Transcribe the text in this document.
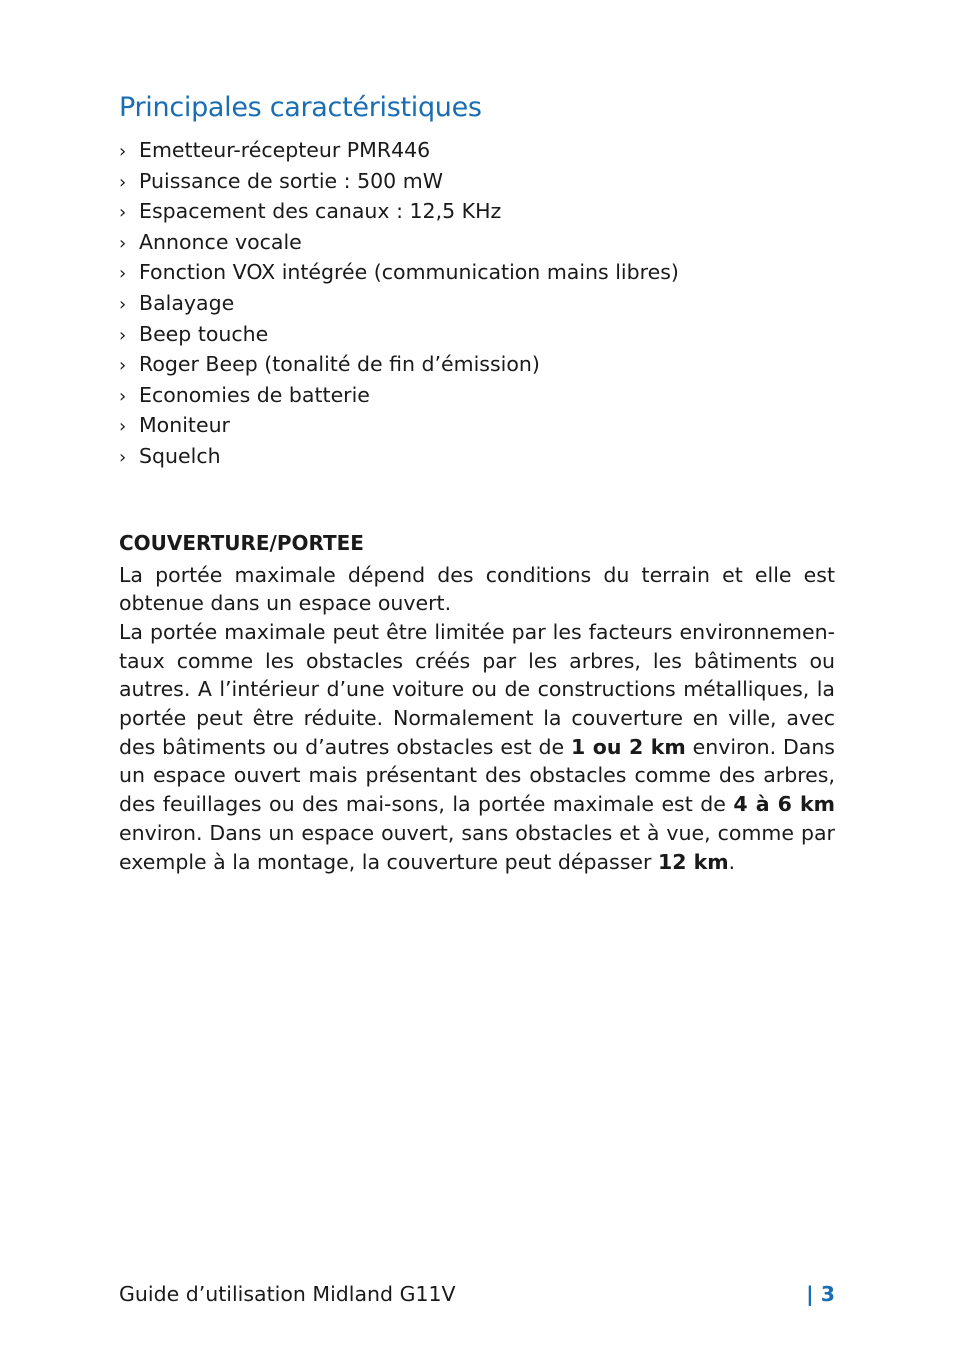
Principales caractéristiques
› Emetteur-récepteur PMR446
› Puissance de sortie : 500 mW
› Espacement des canaux : 12,5 KHz
› Annonce vocale
› Fonction VOX intégrée (communication mains libres)
› Balayage
› Beep touche
› Roger Beep (tonalité de fin d’émission)
› Economies de batterie
› Moniteur
› Squelch
COUVERTURE/PORTEE

La portée maximale dépend des conditions du terrain et elle est obtenue dans un espace ouvert.

La portée maximale peut être limitée par les facteurs environnemen-taux comme les obstacles créés par les arbres, les bâtiments ou autres. A l’intérieur d’une voiture ou de constructions métalliques, la portée peut être réduite. Normalement la couverture en ville, avec des bâtiments ou d’autres obstacles est de 1 ou 2 km environ. Dans un espace ouvert mais présentant des obstacles comme des arbres, des feuillages ou des mai-sons, la portée maximale est de 4 à 6 km environ. Dans un espace ouvert, sans obstacles et à vue, comme par exemple à la montage, la couverture peut dépasser 12 km.

Guide d’utilisation Midland G11V	| 3
